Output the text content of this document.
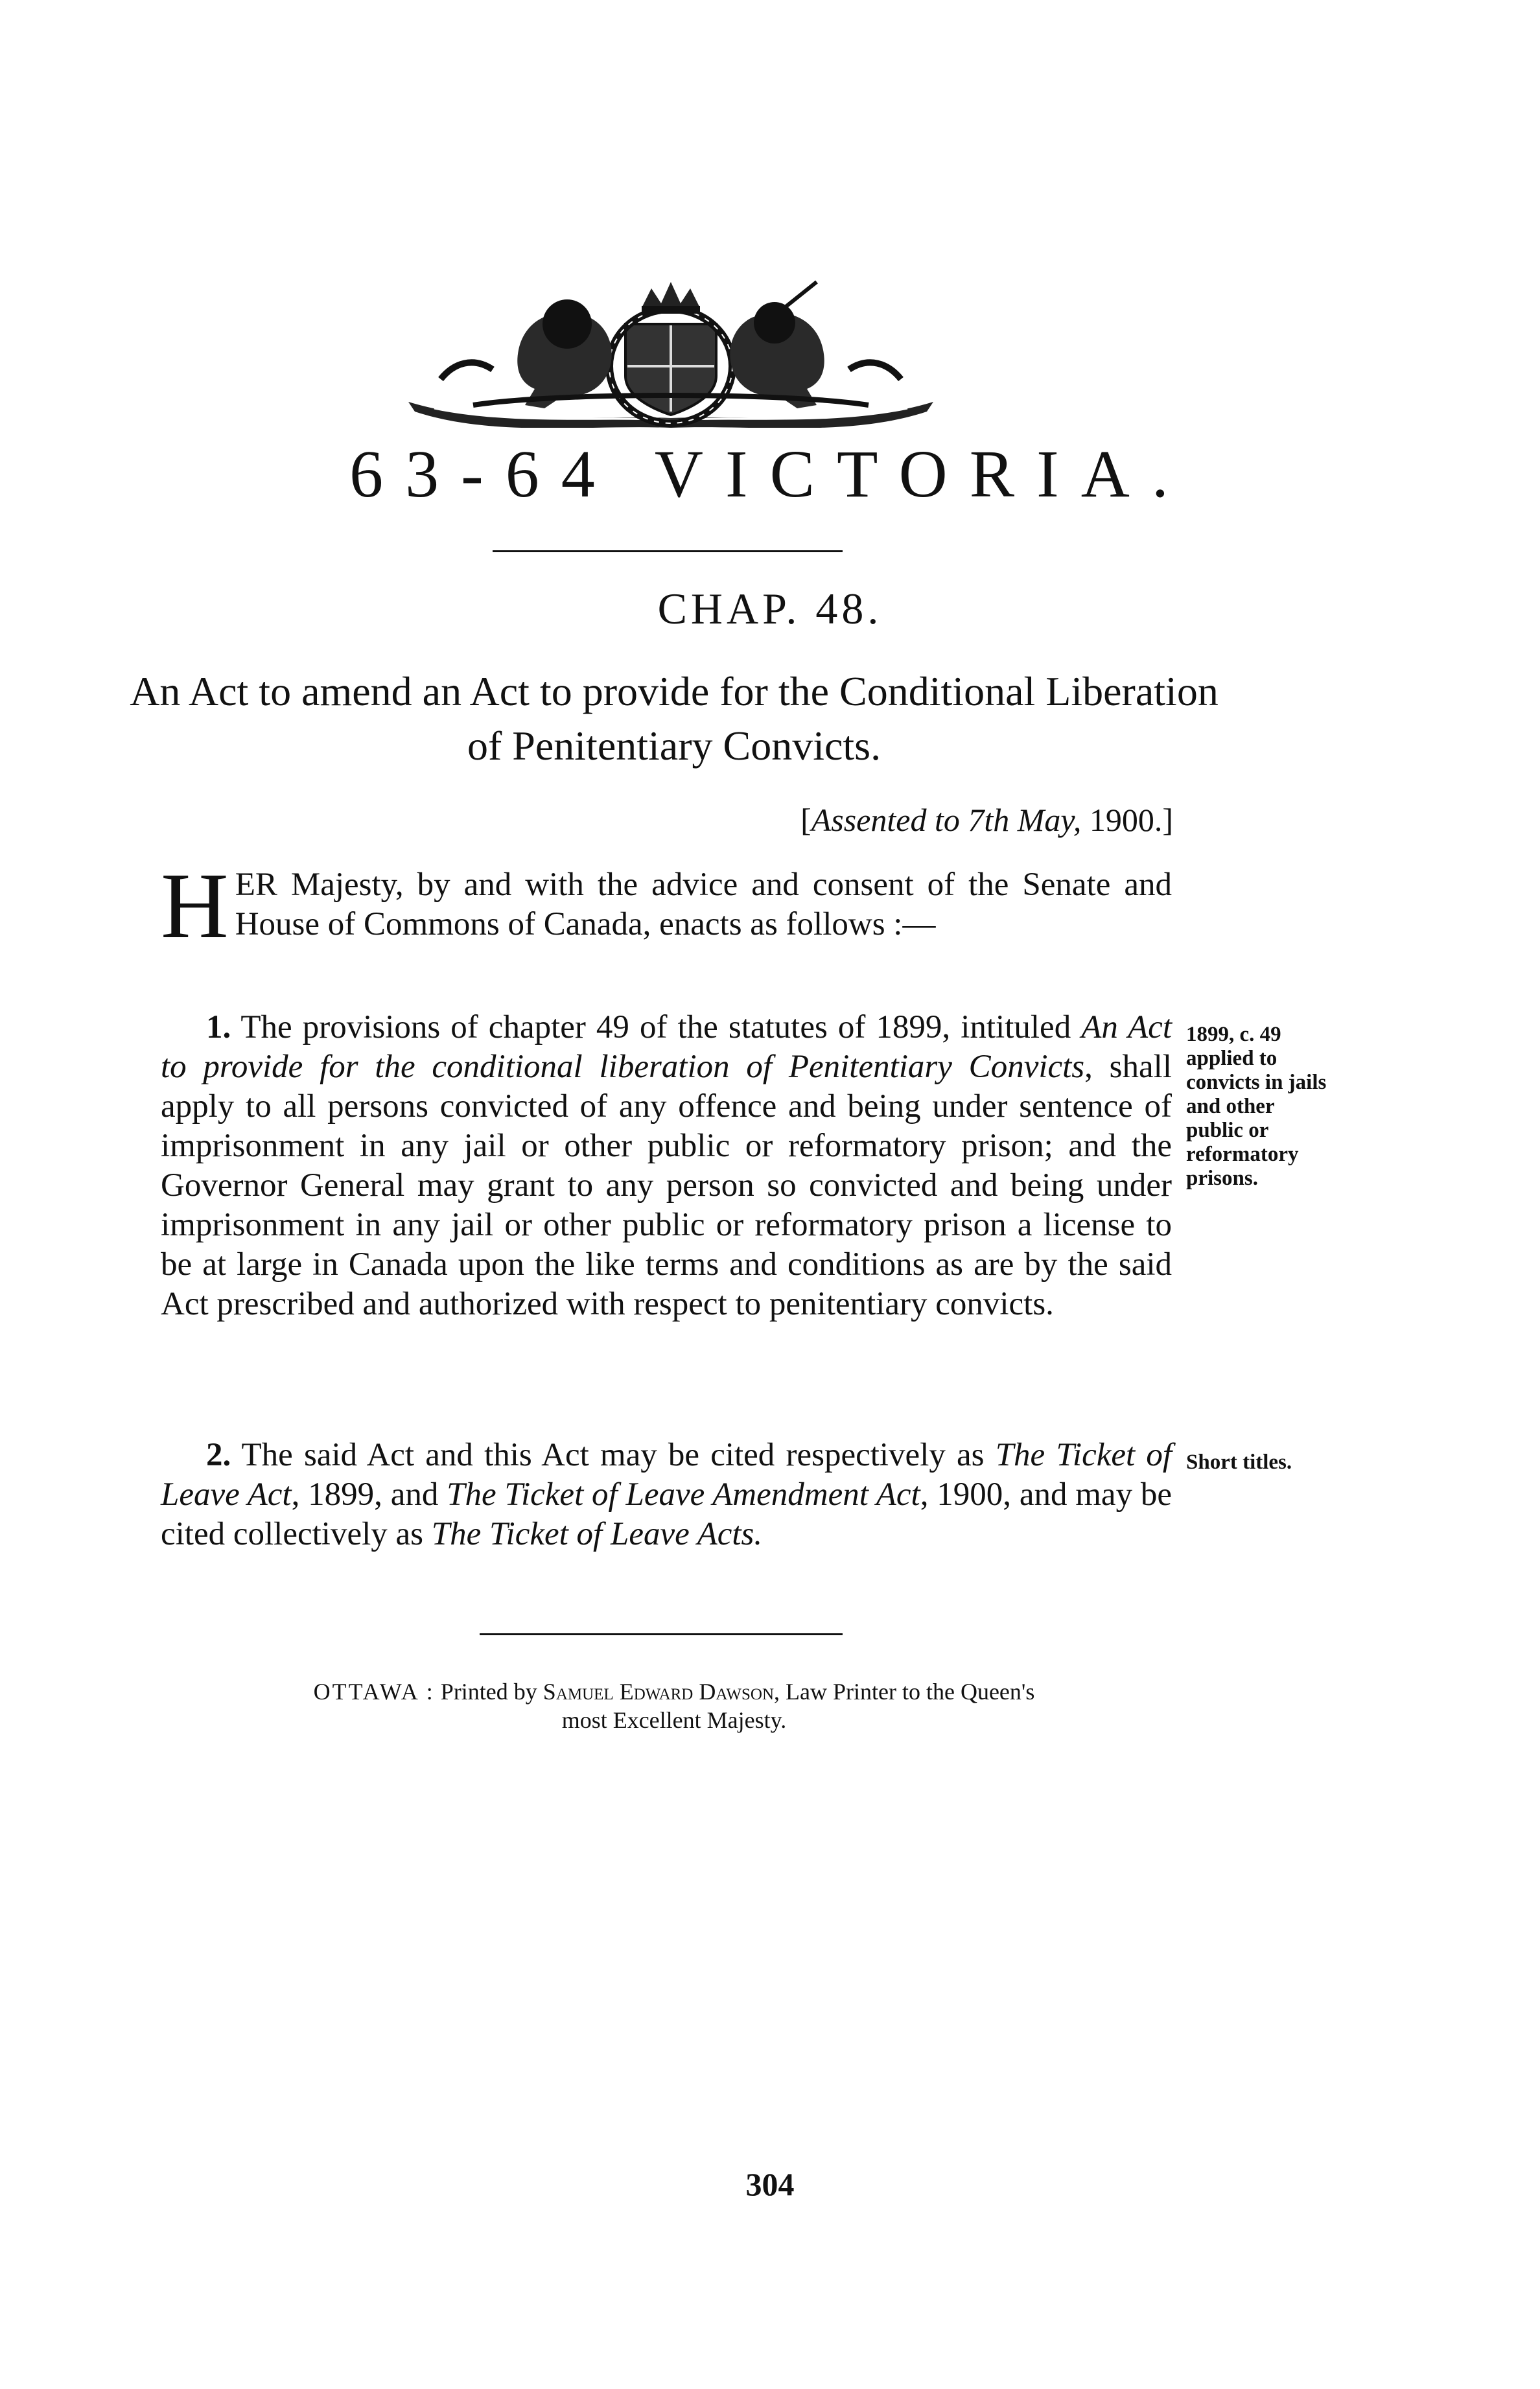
63-64 VICTORIA.
CHAP. 48.
An Act to amend an Act to provide for the Conditional Liberation of Penitentiary Convicts.
[Assented to 7th May, 1900.]
HER Majesty, by and with the advice and consent of the Senate and House of Commons of Canada, enacts as follows :—
1. The provisions of chapter 49 of the statutes of 1899, intituled An Act to provide for the conditional liberation of Penitentiary Convicts, shall apply to all persons convicted of any offence and being under sentence of imprisonment in any jail or other public or reformatory prison; and the Governor General may grant to any person so convicted and being under imprisonment in any jail or other public or reformatory prison a license to be at large in Canada upon the like terms and conditions as are by the said Act prescribed and authorized with respect to penitentiary convicts.
1899, c. 49 applied to convicts in jails and other public or reformatory prisons.
2. The said Act and this Act may be cited respectively as The Ticket of Leave Act, 1899, and The Ticket of Leave Amendment Act, 1900, and may be cited collectively as The Ticket of Leave Acts.
Short titles.
OTTAWA : Printed by Samuel Edward Dawson, Law Printer to the Queen's
most Excellent Majesty.
304
